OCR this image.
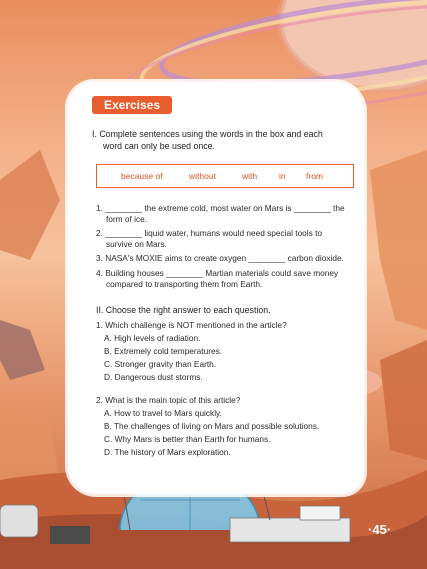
Exercises
I. Complete sentences using the words in the box and each
word can only be used once.
because of	without	with	in from
1. ________ the extreme cold, most water on Mars is ________ the
form of ice.
2. ________ liquid water, humans would need special tools to
survive on Mars.
3. NASA's MOXIE aims to create oxygen ________ carbon dioxide.
4. Building houses ________ Martian materials could save money
compared to transporting them from Earth.
II. Choose the right answer to each question.
1. Which challenge is NOT mentioned in the article?
A. High levels of radiation.
B. Extremely cold temperatures.
C. Stronger gravity than Earth.
D. Dangerous dust storms.
2. What is the main topic of this article?
A. How to travel to Mars quickly.
B. The challenges of living on Mars and possible solutions.
C. Why Mars is better than Earth for humans.
D. The history of Mars exploration.
·45·
